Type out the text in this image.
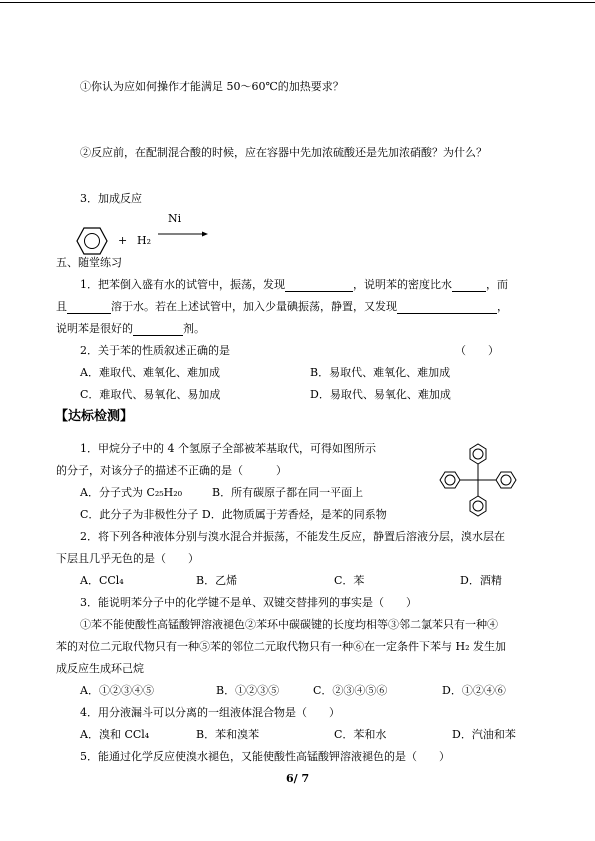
①你认为应如何操作才能满足 50～60℃的加热要求？
②反应前，在配制混合酸的时候，应在容器中先加浓硫酸还是先加浓硝酸？为什么？
3．加成反应
+ H₂
Ni
五、随堂练习
1．把苯倒入盛有水的试管中，振荡，发现	，说明苯的密度比水	，而
且	溶于水。若在上述试管中，加入少量碘振荡，静置，又发现	，
说明苯是很好的	剂。
2．关于苯的性质叙述正确的是	（　　）
A．难取代、难氧化、难加成	B．易取代、难氧化、难加成
C．难取代、易氧化、易加成	D．易取代、易氧化、难加成
【达标检测】
1．甲烷分子中的 4 个氢原子全部被苯基取代，可得如图所示
的分子，对该分子的描述不正确的是（　　　）
A．分子式为 C₂₅H₂₀	B．所有碳原子都在同一平面上
C．此分子为非极性分子 D．此物质属于芳香烃，是苯的同系物
2．将下列各种液体分别与溴水混合并振荡，不能发生反应，静置后溶液分层，溴水层在
下层且几乎无色的是（　　）
A．CCl₄	B．乙烯	C．苯	D．酒精
3．能说明苯分子中的化学键不是单、双键交替排列的事实是（　　）
①苯不能使酸性高锰酸钾溶液褪色②苯环中碳碳键的长度均相等③邻二氯苯只有一种④
苯的对位二元取代物只有一种⑤苯的邻位二元取代物只有一种⑥在一定条件下苯与 H₂ 发生加
成反应生成环己烷
A．①②③④⑤	B．①②③⑤	C．②③④⑤⑥	D．①②④⑥
4．用分液漏斗可以分离的一组液体混合物是（　　）
A．溴和 CCl₄	B．苯和溴苯	C．苯和水	D．汽油和苯
5．能通过化学反应使溴水褪色，又能使酸性高锰酸钾溶液褪色的是（　　）
6/ 7
